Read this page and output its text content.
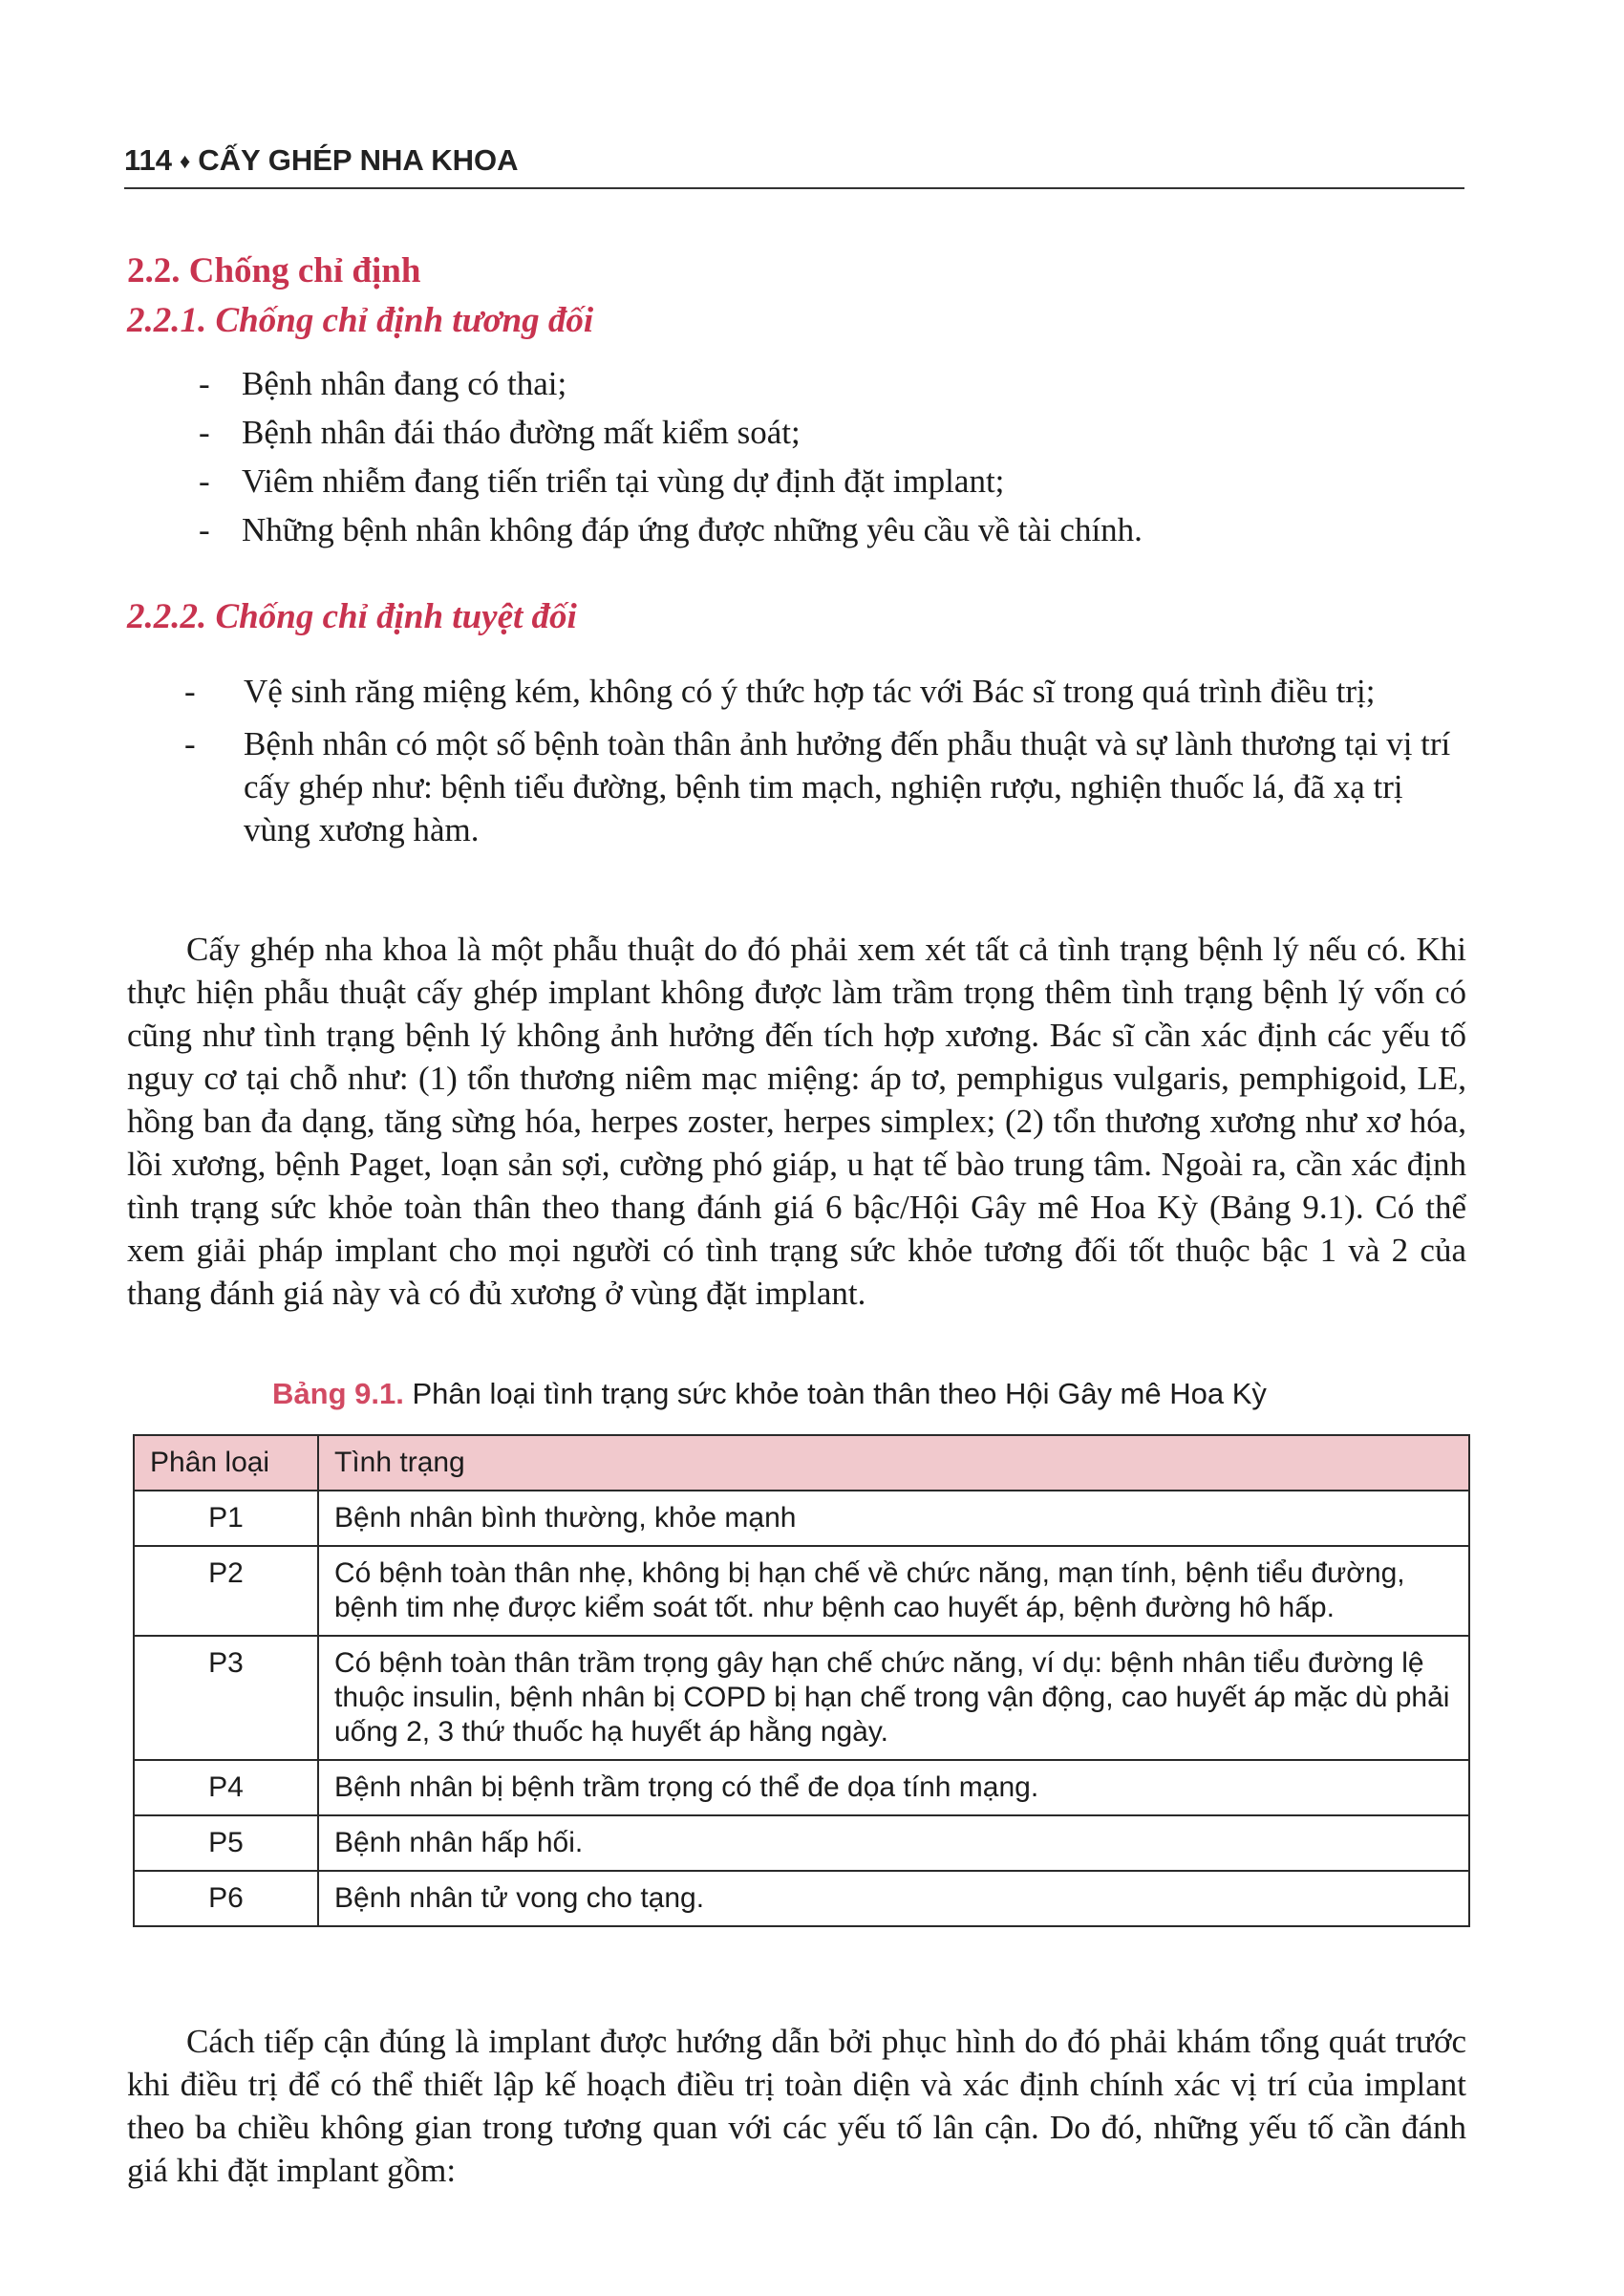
114 ♦ CẤY GHÉP NHA KHOA
2.2. Chống chỉ định
2.2.1. Chống chỉ định tương đối
- Bệnh nhân đang có thai;
- Bệnh nhân đái tháo đường mất kiểm soát;
- Viêm nhiễm đang tiến triển tại vùng dự định đặt implant;
- Những bệnh nhân không đáp ứng được những yêu cầu về tài chính.
2.2.2. Chống chỉ định tuyệt đối
- Vệ sinh răng miệng kém, không có ý thức hợp tác với Bác sĩ trong quá trình điều trị;
- Bệnh nhân có một số bệnh toàn thân ảnh hưởng đến phẫu thuật và sự lành thương tại vị trí cấy ghép như: bệnh tiểu đường, bệnh tim mạch, nghiện rượu, nghiện thuốc lá, đã xạ trị vùng xương hàm.

Cấy ghép nha khoa là một phẫu thuật do đó phải xem xét tất cả tình trạng bệnh lý nếu có. Khi thực hiện phẫu thuật cấy ghép implant không được làm trầm trọng thêm tình trạng bệnh lý vốn có cũng như tình trạng bệnh lý không ảnh hưởng đến tích hợp xương. Bác sĩ cần xác định các yếu tố nguy cơ tại chỗ như: (1) tổn thương niêm mạc miệng: áp tơ, pemphigus vulgaris, pemphigoid, LE, hồng ban đa dạng, tăng sừng hóa, herpes zoster, herpes simplex; (2) tổn thương xương như xơ hóa, lồi xương, bệnh Paget, loạn sản sợi, cường phó giáp, u hạt tế bào trung tâm. Ngoài ra, cần xác định tình trạng sức khỏe toàn thân theo thang đánh giá 6 bậc/Hội Gây mê Hoa Kỳ (Bảng 9.1). Có thể xem giải pháp implant cho mọi người có tình trạng sức khỏe tương đối tốt thuộc bậc 1 và 2 của thang đánh giá này và có đủ xương ở vùng đặt implant.

Bảng 9.1. Phân loại tình trạng sức khỏe toàn thân theo Hội Gây mê Hoa Kỳ
Phân loại	Tình trạng
P1	Bệnh nhân bình thường, khỏe mạnh
P2	Có bệnh toàn thân nhẹ, không bị hạn chế về chức năng, mạn tính, bệnh tiểu đường, bệnh tim nhẹ được kiểm soát tốt. như bệnh cao huyết áp, bệnh đường hô hấp.
P3	Có bệnh toàn thân trầm trọng gây hạn chế chức năng, ví dụ: bệnh nhân tiểu đường lệ thuộc insulin, bệnh nhân bị COPD bị hạn chế trong vận động, cao huyết áp mặc dù phải uống 2, 3 thứ thuốc hạ huyết áp hằng ngày.
P4	Bệnh nhân bị bệnh trầm trọng có thể đe dọa tính mạng.
P5	Bệnh nhân hấp hối.
P6	Bệnh nhân tử vong cho tạng.

Cách tiếp cận đúng là implant được hướng dẫn bởi phục hình do đó phải khám tổng quát trước khi điều trị để có thể thiết lập kế hoạch điều trị toàn diện và xác định chính xác vị trí của implant theo ba chiều không gian trong tương quan với các yếu tố lân cận. Do đó, những yếu tố cần đánh giá khi đặt implant gồm:
